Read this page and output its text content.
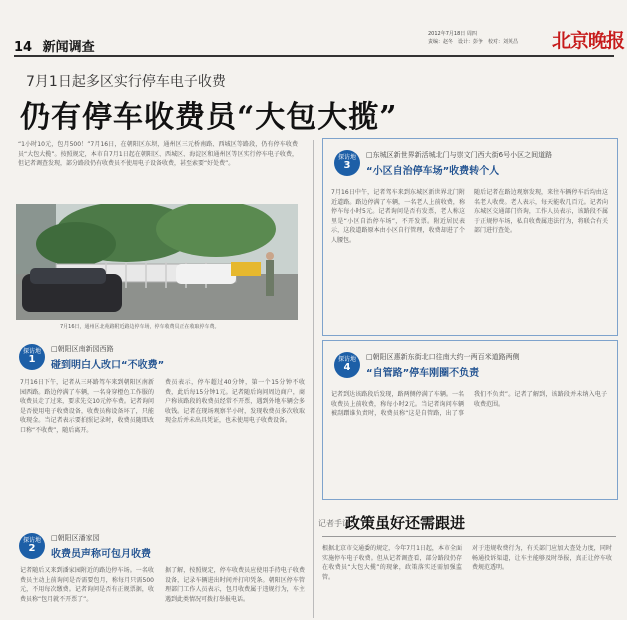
14 新闻调查
2012年7月18日 周四
责编：赵冬　设计：彭争　校对：刘英昌	北京晚报
7月1日起多区实行停车电子收费
仍有停车收费员“大包大揽”
“1小时10元，包月500！”7月16日，在朝阳区东坝，通州区三元桥南路、西城区等路段，仍有停车收费员“大包大揽”。按照规定，本市自7月1日起在朝阳区、西城区、海淀区和通州区等区实行停车电子收费，但记者调查发现，部分路段仍有收费员不使用电子设备收费，甚至索要“好处费”。
7月16日，通州区北苑路附近路边停车场，停车收费员正在收取停车费。
探访地
1
□朝阳区南新园西路
碰到明白人改口“不收费”
7月16日下午，记者从三环路驾车来到朝阳区南新园西路。路边停满了车辆，一名身穿橙色工作服的收费员走了过来，要求先交10元停车费。记者询问是否使用电子收费设备，收费员称设备坏了，只能收现金。当记者表示要拍照记录时，收费员随即改口称“不收费”，随后离开。
费员表示，停车超过40分钟，第一个15分钟不收费，此后每15分钟1元。记者随后询问周边商户，商户称该路段的收费员经常不开票，遇到外地车辆会多收钱。记者在现场观察半小时，发现收费员多次收取现金后并未出具凭证，也未使用电子收费设备。
探访地
2
□朝阳区潘家园
收费员声称可包月收费
记者随后又来到潘家园附近的路边停车场。一名收费员主动上前询问是否需要包月，称每月只需500元，不用每次缴费。记者询问是否有正规票据，收费员称“包月就不开票了”。
据了解，按照规定，停车收费员应使用手持电子收费设备，记录车辆进出时间并打印凭条。朝阳区停车管理部门工作人员表示，包月收费属于违规行为，车主遇到此类情况可拨打举报电话。
探访地
3
□东城区新世界新活城北门与崇文门西大街6号小区之间道路
“小区自治停车场”收费转个人
7月16日中午，记者驾车来到东城区新世界北门附近道路。路边停满了车辆，一名老人上前收费，称停车每小时5元。记者询问是否有发票，老人称这里是“小区自治停车场”，不开发票。附近居民表示，这段道路原本由小区自行管理，收费却进了个人腰包。
随后记者在路边观察发现，来往车辆停车后均由这名老人收费。老人表示，每天能收几百元。记者向东城区交通部门咨询，工作人员表示，该路段不属于正规停车场，私自收费属违法行为，将联合有关部门进行查处。
探访地
4
□朝阳区惠新东街北口往南大约一两百米道路两侧
“自管路”停车刚圈不负责
记者到达该路段后发现，路两侧停满了车辆。一名收费员上前收费，称每小时2元。当记者询问车辆被刮蹭谁负责时，收费员称“这是自管路，出了事我们不负责”。记者了解到，该路段并未纳入电子收费范围。
记者手记
政策虽好还需跟进
根据北京市交通委的规定，今年7月1日起，本市全面实施停车电子收费。但从记者调查看，部分路段仍存在收费员“大包大揽”的现象，政策落实还需加强监管。
对于违规收费行为，有关部门应加大查处力度，同时畅通投诉渠道，让车主能够及时举报，真正让停车收费规范透明。
